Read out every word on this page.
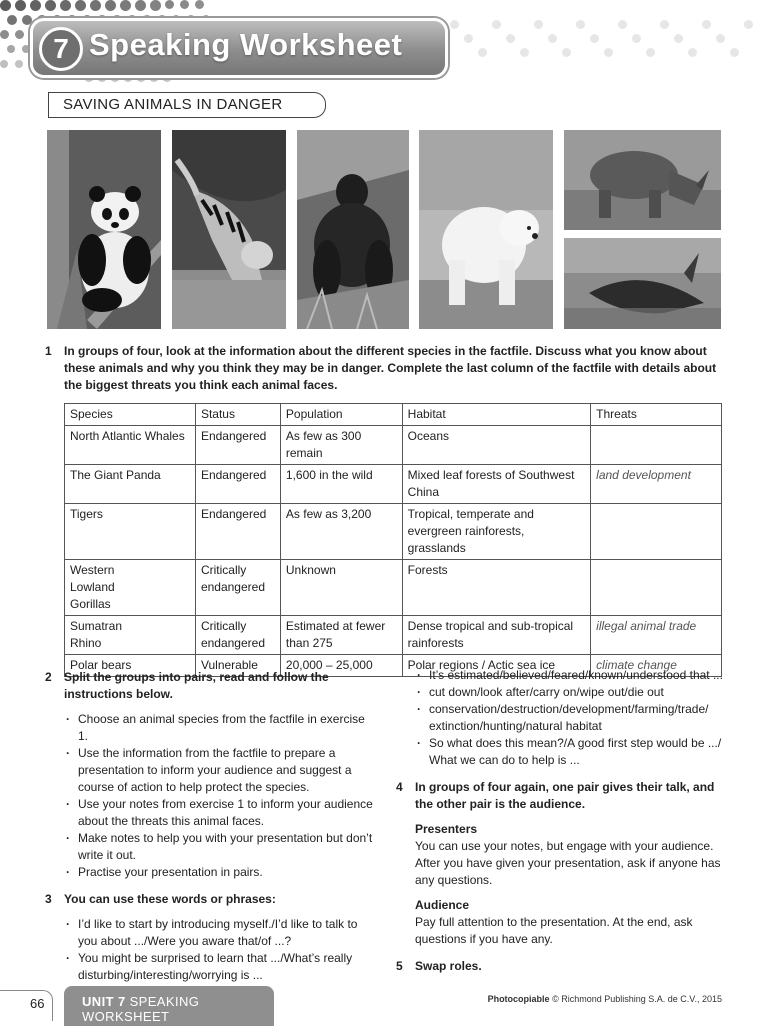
7 Speaking Worksheet
SAVING ANIMALS IN DANGER
1 In groups of four, look at the information about the different species in the factfile. Discuss what you know about these animals and why you think they may be in danger. Complete the last column of the factfile with details about the biggest threats you think each animal faces.
Species	Status	Population	Habitat	Threats
North Atlantic Whales	Endangered	As few as 300 remain	Oceans	
The Giant Panda	Endangered	1,600 in the wild	Mixed leaf forests of Southwest China	land development
Tigers	Endangered	As few as 3,200	Tropical, temperate and evergreen rainforests, grasslands	
Western Lowland Gorillas	Critically endangered	Unknown	Forests	
Sumatran Rhino	Critically endangered	Estimated at fewer than 275	Dense tropical and sub-tropical rainforests	illegal animal trade
Polar bears	Vulnerable	20,000 – 25,000	Polar regions / Actic sea ice	climate change
2 Split the groups into pairs, read and follow the instructions below.
· Choose an animal species from the factfile in exercise 1.
· Use the information from the factfile to prepare a presentation to inform your audience and suggest a course of action to help protect the species.
· Use your notes from exercise 1 to inform your audience about the threats this animal faces.
· Make notes to help you with your presentation but don’t write it out.
· Practise your presentation in pairs.
3 You can use these words or phrases:
· I’d like to start by introducing myself./I’d like to talk to you about .../Were you aware that/of ...?
· You might be surprised to learn that .../What’s really disturbing/interesting/worrying is ...
· It’s estimated/believed/feared/known/understood that ...
· cut down/look after/carry on/wipe out/die out
· conservation/destruction/development/farming/trade/ extinction/hunting/natural habitat
· So what does this mean?/A good first step would be .../ What we can do to help is ...
4 In groups of four again, one pair gives their talk, and the other pair is the audience.
Presenters
You can use your notes, but engage with your audience. After you have given your presentation, ask if anyone has any questions.
Audience
Pay full attention to the presentation. At the end, ask questions if you have any.
5 Swap roles.
66	UNIT 7 SPEAKING WORKSHEET
Photocopiable © Richmond Publishing S.A. de C.V., 2015
